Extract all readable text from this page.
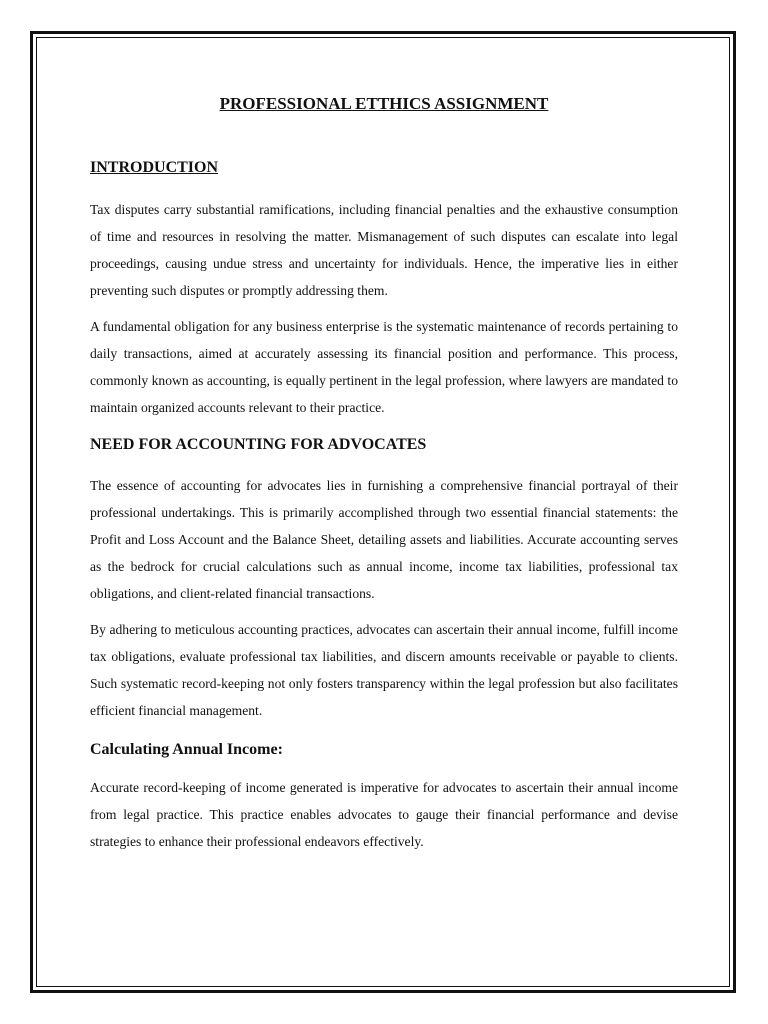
PROFESSIONAL ETTHICS ASSIGNMENT
INTRODUCTION

Tax disputes carry substantial ramifications, including financial penalties and the exhaustive consumption of time and resources in resolving the matter. Mismanagement of such disputes can escalate into legal proceedings, causing undue stress and uncertainty for individuals. Hence, the imperative lies in either preventing such disputes or promptly addressing them.

A fundamental obligation for any business enterprise is the systematic maintenance of records pertaining to daily transactions, aimed at accurately assessing its financial position and performance. This process, commonly known as accounting, is equally pertinent in the legal profession, where lawyers are mandated to maintain organized accounts relevant to their practice.

NEED FOR ACCOUNTING FOR ADVOCATES

The essence of accounting for advocates lies in furnishing a comprehensive financial portrayal of their professional undertakings. This is primarily accomplished through two essential financial statements: the Profit and Loss Account and the Balance Sheet, detailing assets and liabilities. Accurate accounting serves as the bedrock for crucial calculations such as annual income, income tax liabilities, professional tax obligations, and client-related financial transactions.

By adhering to meticulous accounting practices, advocates can ascertain their annual income, fulfill income tax obligations, evaluate professional tax liabilities, and discern amounts receivable or payable to clients. Such systematic record-keeping not only fosters transparency within the legal profession but also facilitates efficient financial management.

Calculating Annual Income:

Accurate record-keeping of income generated is imperative for advocates to ascertain their annual income from legal practice. This practice enables advocates to gauge their financial performance and devise strategies to enhance their professional endeavors effectively.
